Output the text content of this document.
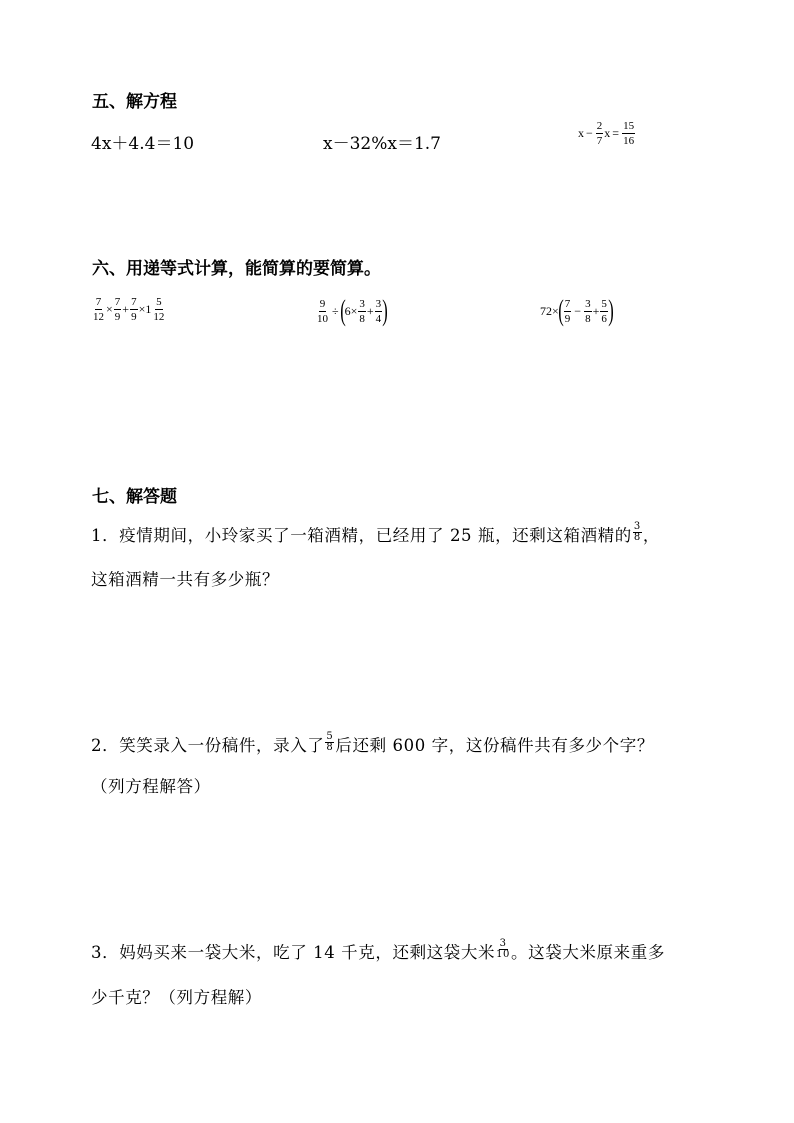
五、解方程
4x＋4.4＝10	x－32%x＝1.7
$x - \frac{2}{7}$ $x = \frac{15}{16}$
六、用递等式计算，能简算的要简算。
$\frac{7}{12} \times \frac{7}{9} + \frac{7}{9} \times 1 \frac{5}{12}$	$\frac{9}{10}$ ÷ ( $6 \times \frac{3}{8} + \frac{3}{4}$ )	72 × ( $\frac{7}{9} - \frac{3}{8} + \frac{5}{6}$ )
七、解答题
1．疫情期间，小玲家买了一箱酒精，已经用了 25 瓶，还剩这箱酒精的 $\frac{3}{8}$ ，
这箱酒精一共有多少瓶？
2．笑笑录入一份稿件，录入了 $\frac{5}{8}$ 后还剩 600 字，这份稿件共有多少个字？
（列方程解答）
3．妈妈买来一袋大米，吃了 14 千克，还剩这袋大米 $\frac{3}{10}$ 。这袋大米原来重多
少千克？（列方程解）
